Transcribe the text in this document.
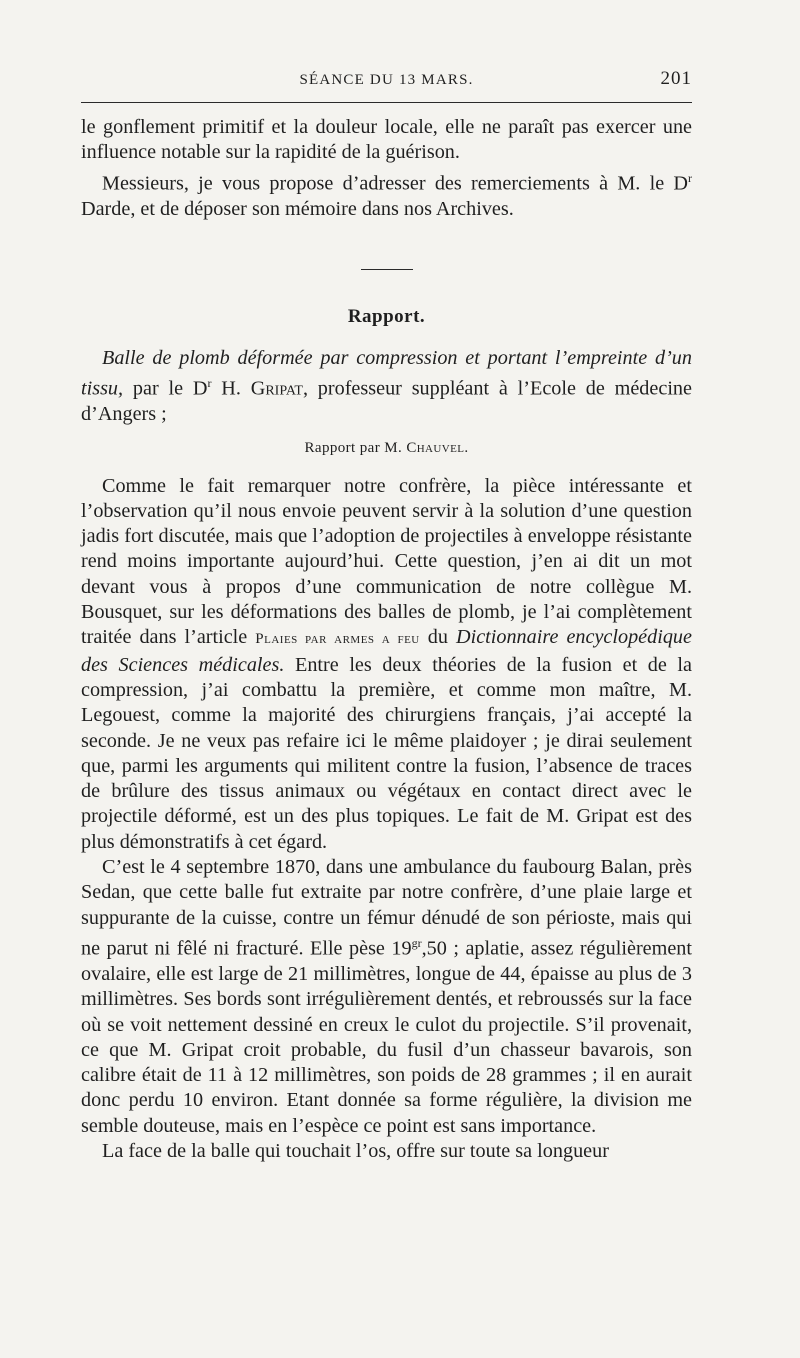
SÉANCE DU 13 MARS.	201

le gonflement primitif et la douleur locale, elle ne paraît pas exercer une influence notable sur la rapidité de la guérison.

Messieurs, je vous propose d’adresser des remerciements à M. le $D^r$ Darde, et de déposer son mémoire dans nos Archives.

Rapport.

Balle de plomb déformée par compression et portant l’empreinte d’un tissu, par le $D^r$ H. Gripat, professeur suppléant à l’Ecole de médecine d’Angers ;

Rapport par M. Chauvel.

Comme le fait remarquer notre confrère, la pièce intéressante et l’observation qu’il nous envoie peuvent servir à la solution d’une question jadis fort discutée, mais que l’adoption de projectiles à enveloppe résistante rend moins importante aujourd’hui. Cette question, j’en ai dit un mot devant vous à propos d’une communication de notre collègue M. Bousquet, sur les déformations des balles de plomb, je l’ai complètement traitée dans l’article Plaies par armes a feu du Dictionnaire encyclopédique des Sciences médicales. Entre les deux théories de la fusion et de la compression, j’ai combattu la première, et comme mon maître, M. Legouest, comme la majorité des chirurgiens français, j’ai accepté la seconde. Je ne veux pas refaire ici le même plaidoyer ; je dirai seulement que, parmi les arguments qui militent contre la fusion, l’absence de traces de brûlure des tissus animaux ou végétaux en contact direct avec le projectile déformé, est un des plus topiques. Le fait de M. Gripat est des plus démonstratifs à cet égard.

C’est le 4 septembre 1870, dans une ambulance du faubourg Balan, près Sedan, que cette balle fut extraite par notre confrère, d’une plaie large et suppurante de la cuisse, contre un fémur dénudé de son périoste, mais qui ne parut ni fêlé ni fracturé. Elle pèse $19^{gr},50$ ; aplatie, assez régulièrement ovalaire, elle est large de 21 millimètres, longue de 44, épaisse au plus de 3 millimètres. Ses bords sont irrégulièrement dentés, et rebroussés sur la face où se voit nettement dessiné en creux le culot du projectile. S’il provenait, ce que M. Gripat croit probable, du fusil d’un chasseur bavarois, son calibre était de 11 à 12 millimètres, son poids de 28 grammes ; il en aurait donc perdu 10 environ. Etant donnée sa forme régulière, la division me semble douteuse, mais en l’espèce ce point est sans importance.

La face de la balle qui touchait l’os, offre sur toute sa longueur
